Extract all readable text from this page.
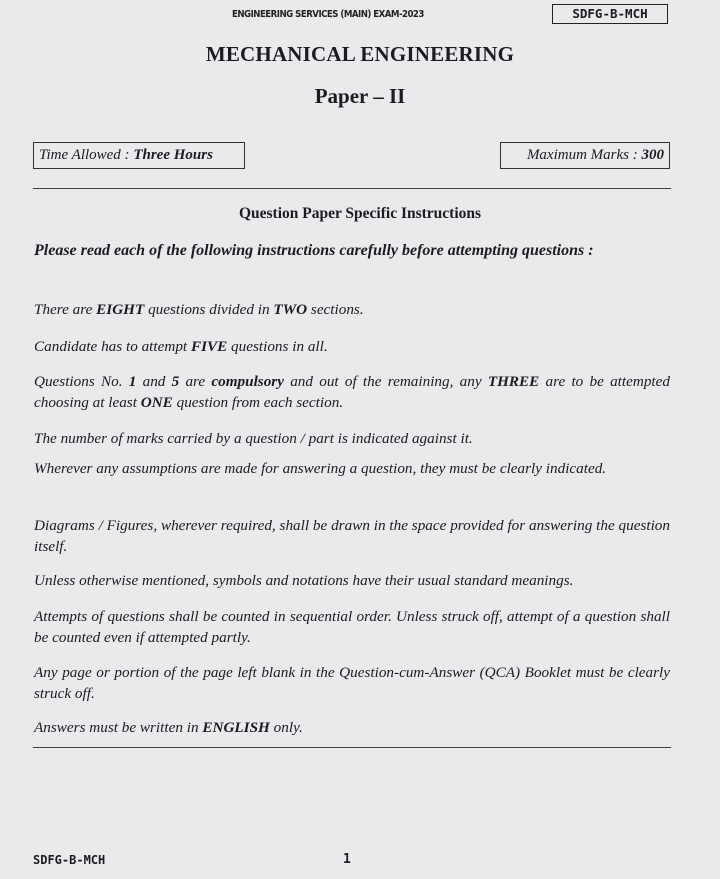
ENGINEERING SERVICES (MAIN) EXAM-2023	SDFG-B-MCH
MECHANICAL ENGINEERING
Paper – II
Time Allowed : Three Hours	Maximum Marks : 300
Question Paper Specific Instructions
Please read each of the following instructions carefully before attempting questions :
There are EIGHT questions divided in TWO sections.
Candidate has to attempt FIVE questions in all.
Questions No. 1 and 5 are compulsory and out of the remaining, any THREE are to be attempted choosing at least ONE question from each section.
The number of marks carried by a question / part is indicated against it.
Wherever any assumptions are made for answering a question, they must be clearly indicated.
Diagrams / Figures, wherever required, shall be drawn in the space provided for answering the question itself.
Unless otherwise mentioned, symbols and notations have their usual standard meanings.
Attempts of questions shall be counted in sequential order. Unless struck off, attempt of a question shall be counted even if attempted partly.
Any page or portion of the page left blank in the Question-cum-Answer (QCA) Booklet must be clearly struck off.
Answers must be written in ENGLISH only.
SDFG-B-MCH	1
